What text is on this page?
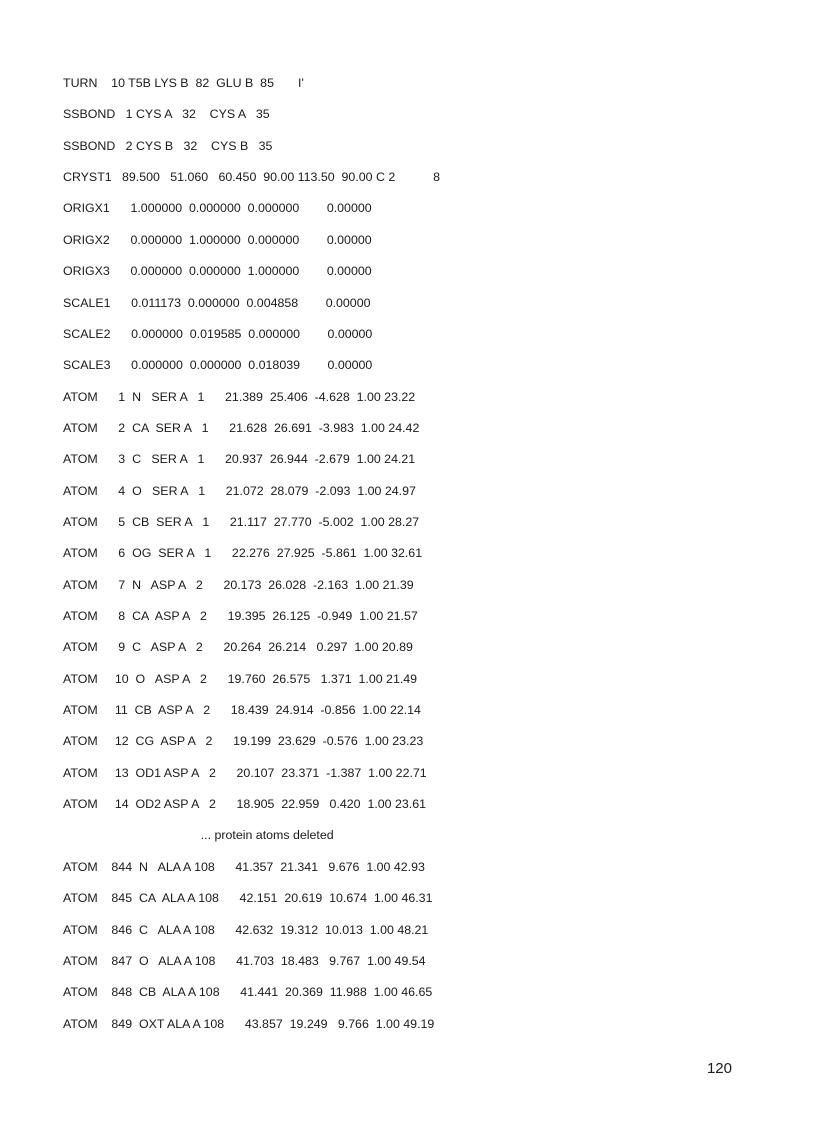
TURN    10 T5B LYS B  82  GLU B  85       I'
SSBOND   1 CYS A   32    CYS A   35
SSBOND   2 CYS B   32    CYS B   35
CRYST1   89.500   51.060   60.450  90.00 113.50  90.00 C 2           8
ORIGX1      1.000000  0.000000  0.000000        0.00000
ORIGX2      0.000000  1.000000  0.000000        0.00000
ORIGX3      0.000000  0.000000  1.000000        0.00000
SCALE1      0.011173  0.000000  0.004858        0.00000
SCALE2      0.000000  0.019585  0.000000        0.00000
SCALE3      0.000000  0.000000  0.018039        0.00000
ATOM      1  N   SER A   1      21.389  25.406  -4.628  1.00 23.22
ATOM      2  CA  SER A   1      21.628  26.691  -3.983  1.00 24.42
ATOM      3  C   SER A   1      20.937  26.944  -2.679  1.00 24.21
ATOM      4  O   SER A   1      21.072  28.079  -2.093  1.00 24.97
ATOM      5  CB  SER A   1      21.117  27.770  -5.002  1.00 28.27
ATOM      6  OG  SER A   1      22.276  27.925  -5.861  1.00 32.61
ATOM      7  N   ASP A   2      20.173  26.028  -2.163  1.00 21.39
ATOM      8  CA  ASP A   2      19.395  26.125  -0.949  1.00 21.57
ATOM      9  C   ASP A   2      20.264  26.214   0.297  1.00 20.89
ATOM     10  O   ASP A   2      19.760  26.575   1.371  1.00 21.49
ATOM     11  CB  ASP A   2      18.439  24.914  -0.856  1.00 22.14
ATOM     12  CG  ASP A   2      19.199  23.629  -0.576  1.00 23.23
ATOM     13  OD1 ASP A   2      20.107  23.371  -1.387  1.00 22.71
ATOM     14  OD2 ASP A   2      18.905  22.959   0.420  1.00 23.61
... protein atoms deleted
ATOM    844  N   ALA A 108      41.357  21.341   9.676  1.00 42.93
ATOM    845  CA  ALA A 108      42.151  20.619  10.674  1.00 46.31
ATOM    846  C   ALA A 108      42.632  19.312  10.013  1.00 48.21
ATOM    847  O   ALA A 108      41.703  18.483   9.767  1.00 49.54
ATOM    848  CB  ALA A 108      41.441  20.369  11.988  1.00 46.65
ATOM    849  OXT ALA A 108      43.857  19.249   9.766  1.00 49.19
120
